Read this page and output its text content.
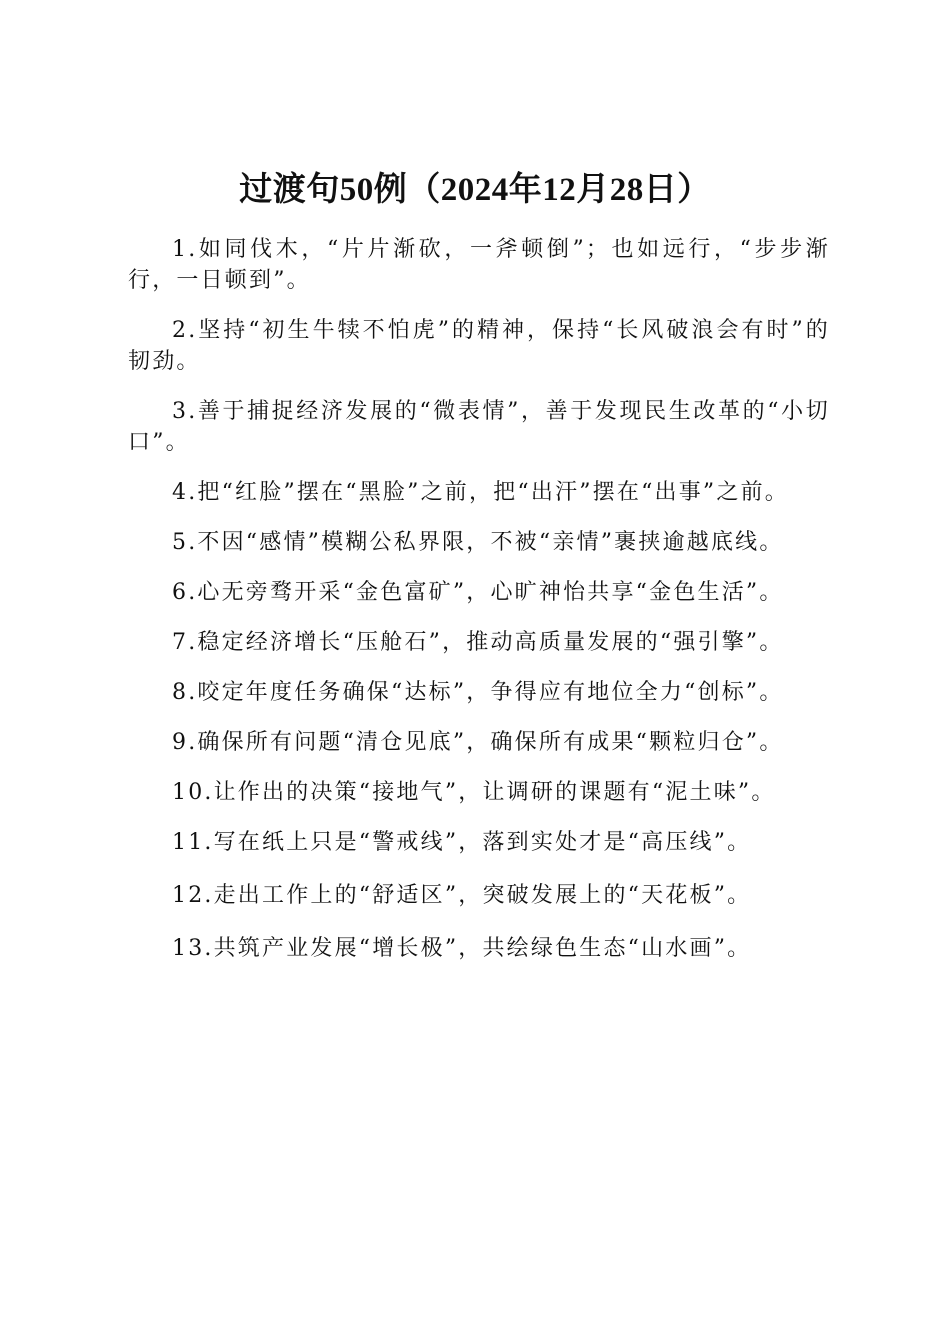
过渡句50例（2024年12月28日）

1.如同伐木，“片片渐砍，一斧顿倒”；也如远行，“步步渐行，一日顿到”。

2.坚持“初生牛犊不怕虎”的精神，保持“长风破浪会有时”的韧劲。

3.善于捕捉经济发展的“微表情”，善于发现民生改革的“小切口”。

4.把“红脸”摆在“黑脸”之前，把“出汗”摆在“出事”之前。

5.不因“感情”模糊公私界限，不被“亲情”裹挟逾越底线。

6.心无旁骛开采“金色富矿”，心旷神怡共享“金色生活”。

7.稳定经济增长“压舱石”，推动高质量发展的“强引擎”。

8.咬定年度任务确保“达标”，争得应有地位全力“创标”。

9.确保所有问题“清仓见底”，确保所有成果“颗粒归仓”。

10.让作出的决策“接地气”，让调研的课题有“泥土味”。

11.写在纸上只是“警戒线”，落到实处才是“高压线”。

12.走出工作上的“舒适区”，突破发展上的“天花板”。

13.共筑产业发展“增长极”，共绘绿色生态“山水画”。
